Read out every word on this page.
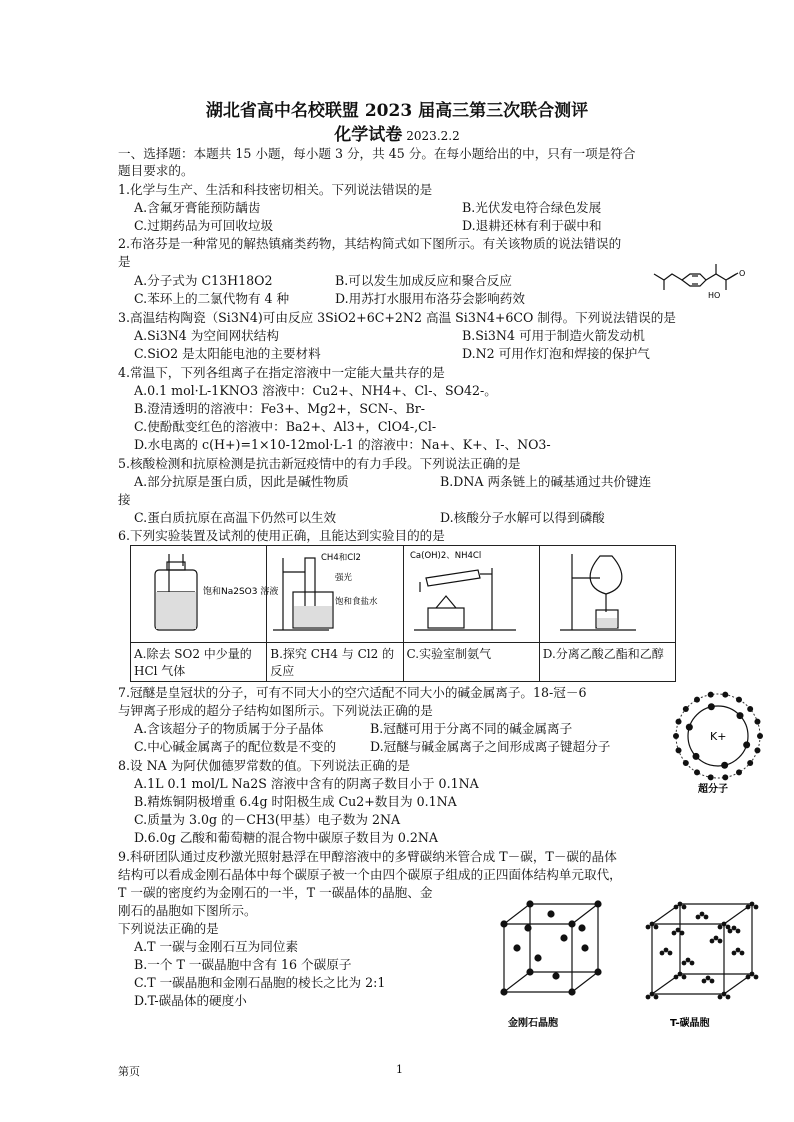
湖北省高中名校联盟 2023 届高三第三次联合测评
化学试卷 2023.2.2
一、选择题：本题共 15 小题，每小题 3 分，共 45 分。在每小题给出的中，只有一项是符合
题目要求的。
1.化学与生产、生活和科技密切相关。下列说法错误的是
A.含氟牙膏能预防龋齿	B.光伏发电符合绿色发展
C.过期药品为可回收垃圾	D.退耕还林有利于碳中和
2.布洛芬是一种常见的解热镇痛类药物，其结构简式如下图所示。有关该物质的说法错误的
是
A.分子式为 C13H18O2	B.可以发生加成反应和聚合反应
C.苯环上的二氯代物有 4 种	D.用苏打水服用布洛芬会影响药效	HO
O
3.高温结构陶瓷（Si3N4)可由反应 3SiO2+6C+2N2 高温 Si3N4+6CO 制得。下列说法错误的是
A.Si3N4 为空间网状结构	B.Si3N4 可用于制造火箭发动机
C.SiO2 是太阳能电池的主要材料	D.N2 可用作灯泡和焊接的保护气
4.常温下，下列各组离子在指定溶液中一定能大量共存的是
A.0.1 mol·L-1KNO3 溶液中：Cu2+、NH4+、Cl-、SO42-。
B.澄清透明的溶液中：Fe3+、Mg2+，SCN-、Br-
C.使酚酞变红色的溶液中：Ba2+、Al3+，ClO4-,Cl-
D.水电离的 c(H+)=1×10-12mol·L-1 的溶液中：Na+、K+、I-、NO3-
5.核酸检测和抗原检测是抗击新冠疫情中的有力手段。下列说法正确的是
A.部分抗原是蛋白质，因此是碱性物质	B.DNA 两条链上的碱基通过共价键连
接
C.蛋白质抗原在高温下仍然可以生效	D.核酸分子水解可以得到磷酸
6.下列实验装置及试剂的使用正确，且能达到实验目的的是
饱和Na2SO3 溶液	CH4和Cl2
强光
饱和食盐水	Ca(OH)2、NH4Cl

A.除去 SO2 中少量的 HCl 气体	B.探究 CH4 与 Cl2 的反应	C.实验室制氨气	D.分离乙酸乙酯和乙醇
7.冠醚是皇冠状的分子，可有不同大小的空穴适配不同大小的碱金属离子。18-冠－6
与钾离子形成的超分子结构如图所示。下列说法正确的是
A.含该超分子的物质属于分子晶体	B.冠醚可用于分离不同的碱金属离子
C.中心碱金属离子的配位数是不变的	D.冠醚与碱金属离子之间形成离子键超分子
K+
超分子
8.设 NA 为阿伏伽德罗常数的值。下列说法正确的是
A.1L 0.1 mol/L Na2S 溶液中含有的阴离子数目小于 0.1NA
B.精炼铜阴极增重 6.4g 时阳极生成 Cu2+数目为 0.1NA
C.质量为 3.0g 的－CH3(甲基）电子数为 2NA
D.6.0g 乙酸和葡萄糖的混合物中碳原子数目为 0.2NA
9.科研团队通过皮秒激光照射悬浮在甲醇溶液中的多臂碳纳米管合成 T－碳，T－碳的晶体
结构可以看成金刚石晶体中每个碳原子被一个由四个碳原子组成的正四面体结构单元取代，
T 一碳的密度约为金刚石的一半，T 一碳晶体的晶胞、金
刚石的晶胞如下图所示。
下列说法正确的是
A.T 一碳与金刚石互为同位素
B.一个 T 一碳晶胞中含有 16 个碳原子
C.T 一碳晶胞和金刚石晶胞的棱长之比为 2:1
D.T-碳晶体的硬度小
金刚石晶胞	T-碳晶胞
第页	1
